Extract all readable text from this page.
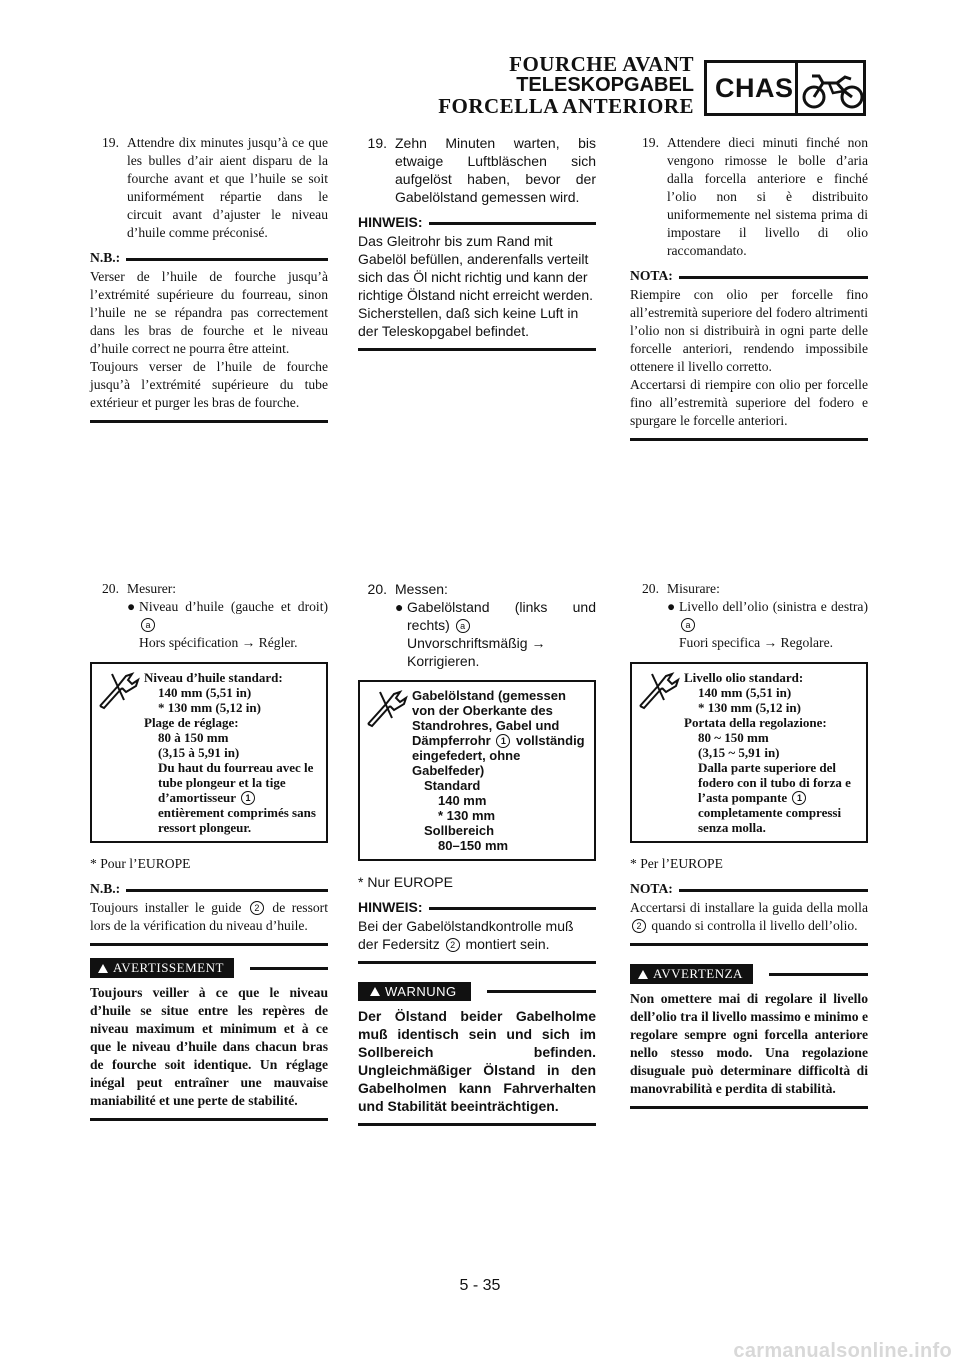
FOURCHE AVANT
TELESKOPGABEL
FORCELLA ANTERIORE
CHAS
19. Attendre dix minutes jusqu’à ce que les bulles d’air aient disparu de la fourche avant et que l’huile se soit uniformément répartie dans le circuit avant d’ajuster le niveau d’huile comme préconisé.
N.B.:
Verser de l’huile de fourche jusqu’à l’extrémité supérieure du fourreau, sinon l’huile ne se répandra pas correctement dans les bras de fourche et le niveau d’huile correct ne pourra être atteint.
Toujours verser de l’huile de fourche jusqu’à l’extrémité supérieure du tube extérieur et purger les bras de fourche.
19. Zehn Minuten warten, bis etwaige Luftbläschen sich aufgelöst haben, bevor der Gabelölstand gemessen wird.
HINWEIS:
Das Gleitrohr bis zum Rand mit Gabelöl befüllen, anderenfalls verteilt sich das Öl nicht richtig und kann der richtige Ölstand nicht erreicht werden.
Sicherstellen, daß sich keine Luft in der Teleskopgabel befindet.
19. Attendere dieci minuti finché non vengono rimosse le bolle d’aria dalla forcella anteriore e finché l’olio non si è distribuito uniformemente nel sistema prima di impostare il livello di olio raccomandato.
NOTA:
Riempire con olio per forcelle fino all’estremità superiore del fodero altrimenti l’olio non si distribuirà in ogni parte delle forcelle anteriori, rendendo impossibile ottenere il livello corretto.
Accertarsi di riempire con olio per forcelle fino all’estremità superiore del fodero e spurgare le forcelle anteriori.
20. Mesurer:
● Niveau d’huile (gauche et droit) a
Hors spécification → Régler.
Niveau d’huile standard:
140 mm (5,51 in)
* 130 mm (5,12 in)
Plage de réglage:
80 à 150 mm
(3,15 à 5,91 in)
Du haut du fourreau avec le tube plongeur et la tige d’amortisseur 1 entièrement comprimés sans ressort plongeur.
* Pour l’EUROPE
N.B.:
Toujours installer le guide 2 de ressort lors de la vérification du niveau d’huile.
AVERTISSEMENT
Toujours veiller à ce que le niveau d’huile se situe entre les repères de niveau maximum et minimum et à ce que le niveau d’huile dans chacun bras de fourche soit identique. Un réglage inégal peut entraîner une mauvaise maniabilité et une perte de stabilité.
20. Messen:
● Gabelölstand (links und rechts) a
Unvorschriftsmäßig → Korrigieren.
Gabelölstand (gemessen von der Oberkante des Standrohres, Gabel und Dämpferrohr 1 vollständig eingefedert, ohne Gabelfeder)
Standard
140 mm
* 130 mm
Sollbereich
80–150 mm
* Nur EUROPE
HINWEIS:
Bei der Gabelölstandkontrolle muß der Federsitz 2 montiert sein.
WARNUNG
Der Ölstand beider Gabelholme muß identisch sein und sich im Sollbereich befinden. Ungleichmäßiger Ölstand in den Gabelholmen kann Fahrverhalten und Stabilität beeinträchtigen.
20. Misurare:
● Livello dell’olio (sinistra e destra) a
Fuori specifica → Regolare.
Livello olio standard:
140 mm (5,51 in)
* 130 mm (5,12 in)
Portata della regolazione:
80 ~ 150 mm
(3,15 ~ 5,91 in)
Dalla parte superiore del fodero con il tubo di forza e l’asta pompante 1 completamente compressi senza molla.
* Per l’EUROPE
NOTA:
Accertarsi di installare la guida della molla 2 quando si controlla il livello dell’olio.
AVVERTENZA
Non omettere mai di regolare il livello dell’olio tra il livello massimo e minimo e regolare sempre ogni forcella anteriore nello stesso modo. Una regolazione disuguale può determinare difficoltà di manovrabilità e perdita di stabilità.
5 - 35
carmanualsonline.info
